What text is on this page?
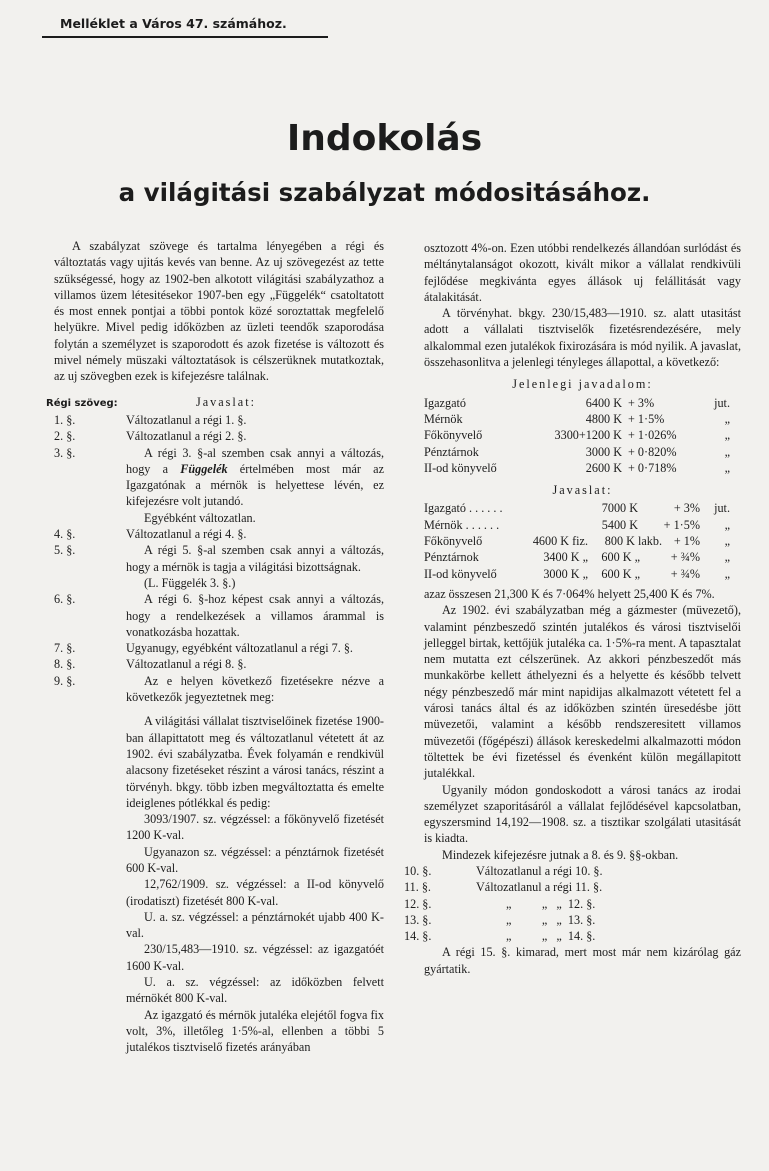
Melléklet a Város 47. számához.
Indokolás
a világitási szabályzat módositásához.

A szabályzat szövege és tartalma lényegében a régi és változtatás vagy ujitás kevés van benne. Az uj szövegezést az tette szükségessé, hogy az 1902-ben alkotott világitási szabályzathoz a villamos üzem létesitésekor 1907-ben egy „Függelék“ csatoltatott és most ennek pontjai a többi pontok közé soroztattak megfelelő helyükre. Mivel pedig időközben az üzleti teendők szaporodása folytán a személyzet is szaporodott és azok fizetése is változott és mivel némely müszaki változtatások is célszerüknek mutatkoztak, az uj szövegben ezek is kifejezésre találnak.

Régi szöveg:	Javaslat:
1. §.	Változatlanul a régi 1. §.
2. §.	Változatlanul a régi 2. §.
3. §.	A régi 3. §-al szemben csak annyi a változás, hogy a Függelék értelmében most már az Igazgatónak a mérnök is helyettese lévén, ez kifejezésre volt jutandó.

Egyébként változatlan.

4. §.	Változatlanul a régi 4. §.
5. §.	A régi 5. §-al szemben csak annyi a változás, hogy a mérnök is tagja a világitási bizottságnak.

(L. Függelék 3. §.)

6. §.	A régi 6. §-hoz képest csak annyi a változás, hogy a rendelkezések a villamos árammal is vonatkozásba hozattak.

7. §.	Ugyanugy, egyébként változatlanul a régi 7. §.
8. §.	Változatlanul a régi 8. §.
9. §.	Az e helyen következő fizetésekre nézve a következők jegyeztetnek meg:

A világitási vállalat tisztviselőinek fizetése 1900-ban állapittatott meg és változatlanul vétetett át az 1902. évi szabályzatba. Évek folyamán e rendkivül alacsony fizetéseket részint a városi tanács, részint a törvényh. bkgy. több izben megváltoztatta és emelte ideiglenes pótlékkal és pedig:

3093/1907. sz. végzéssel: a főkönyvelő fizetését 1200 K-val.

Ugyanazon sz. végzéssel: a pénztárnok fizetését 600 K-val.

12,762/1909. sz. végzéssel: a II-od könyvelő (irodatiszt) fizetését 800 K-val.

U. a. sz. végzéssel: a pénztárnokét ujabb 400 K-val.

230/15,483—1910. sz. végzéssel: az igazgatóét 1600 K-val.

U. a. sz. végzéssel: az időközben felvett mérnökét 800 K-val.

Az igazgató és mérnök jutaléka elejétől fogva fix volt, 3%, illetőleg 1·5%-al, ellenben a többi 5 jutalékos tisztviselő fizetés arányában

osztozott 4%-on. Ezen utóbbi rendelkezés állandóan surlódást és méltánytalanságot okozott, kivált mikor a vállalat rendkivüli fejlődése megkivánta egyes állások uj felállitását vagy átalakitását.

A törvényhat. bkgy. 230/15,483—1910. sz. alatt utasitást adott a vállalati tisztviselők fizetésrendezésére, mely alkalommal ezen jutalékok fixirozására is mód nyilik. A javaslat, összehasonlitva a jelenlegi tényleges állapottal, a következő:

Jelenlegi javadalom:

Igazgató	6400 K + 3%	jut.
Mérnök	4800 K + 1·5%	„
Főkönyvelő	3300+1200 K + 1·026%	„
Pénztárnok	3000 K + 0·820%	„
II-od könyvelő	2600 K + 0·718%	„

Javaslat:

Igazgató . . . . . .	7000 K	+ 3%	jut.
Mérnök . . . . . .	5400 K	+ 1·5%	„
Főkönyvelő	4600 K fiz.	800 K lakb. + 1%	„
Pénztárnok	3400 K „	600 K „	+ ¾%	„
II-od könyvelő	3000 K „	600 K „	+ ¾%	„

azaz összesen 21,300 K és 7·064% helyett 25,400 K és 7%.

Az 1902. évi szabályzatban még a gázmester (müvezető), valamint pénzbeszedő szintén jutalékos és városi tisztviselői jelleggel birtak, kettőjük jutaléka ca. 1·5%-ra ment. A tapasztalat nem mutatta ezt célszerünek. Az akkori pénzbeszedőt más munkakörbe kellett áthelyezni és a helyette és később telvett négy pénzbeszedő már mint napidijas alkalmazott vétetett fel a városi tanács által és az időközben szintén üresedésbe jött müvezetői, valamint a később rendszeresitett villamos müvezetői (főgépészi) állások kereskedelmi alkalmazotti módon töltettek be évi fizetéssel és évenként külön megállapitott jutalékkal.

Ugyanily módon gondoskodott a városi tanács az irodai személyzet szaporitásáról a vállalat fejlődésével kapcsolatban, egyszersmind 14,192—1908. sz. a tisztikar szolgálati utasitását is kiadta.

Mindezek kifejezésre jutnak a 8. és 9. §§-okban.

10. §.	Változatlanul a régi 10. §.
11. §.	Változatlanul a régi 11. §.
12. §.	„          „   „  12. §.
13. §.	„          „   „  13. §.
14. §.	„          „   „  14. §.

A régi 15. §. kimarad, mert most már nem kizárólag gáz gyártatik.
